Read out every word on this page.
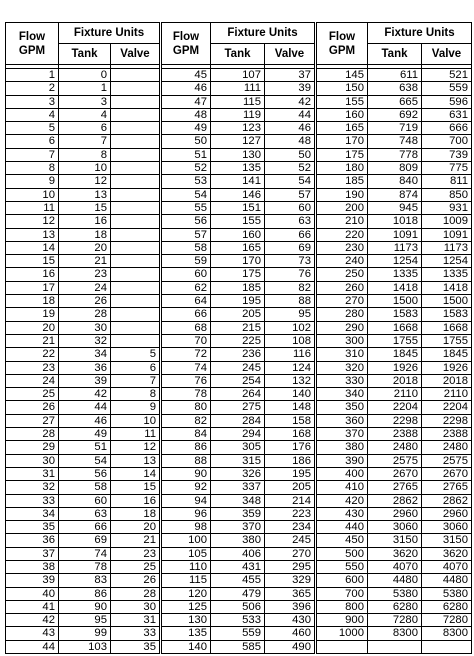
Flow GPM	Fixture Units	
	Tank	Valve

1	0	
2	1	
3	3	
4	4	
5	6	
6	7	
7	8	
8	10	
9	12	
10	13	
11	15	
12	16	
13	18	
14	20	
15	21	
16	23	
17	24	
18	26	
19	28	
20	30	
21	32	
22	34	5
23	36	6
24	39	7
25	42	8
26	44	9
27	46	10
28	49	11
29	51	12
30	54	13
31	56	14
32	58	15
33	60	16
34	63	18
35	66	20
36	69	21
37	74	23
38	78	25
39	83	26
40	86	28
41	90	30
42	95	31
43	99	33
44	103	35
Flow GPM	Fixture Units	
	Tank	Valve

45	107	37
46	111	39
47	115	42
48	119	44
49	123	46
50	127	48
51	130	50
52	135	52
53	141	54
54	146	57
55	151	60
56	155	63
57	160	66
58	165	69
59	170	73
60	175	76
62	185	82
64	195	88
66	205	95
68	215	102
70	225	108
72	236	116
74	245	124
76	254	132
78	264	140
80	275	148
82	284	158
84	294	168
86	305	176
88	315	186
90	326	195
92	337	205
94	348	214
96	359	223
98	370	234
100	380	245
105	406	270
110	431	295
115	455	329
120	479	365
125	506	396
130	533	430
135	559	460
140	585	490
Flow GPM	Fixture Units	
	Tank	Valve

145	611	521
150	638	559
155	665	596
160	692	631
165	719	666
170	748	700
175	778	739
180	809	775
185	840	811
190	874	850
200	945	931
210	1018	1009
220	1091	1091
230	1173	1173
240	1254	1254
250	1335	1335
260	1418	1418
270	1500	1500
280	1583	1583
290	1668	1668
300	1755	1755
310	1845	1845
320	1926	1926
330	2018	2018
340	2110	2110
350	2204	2204
360	2298	2298
370	2388	2388
380	2480	2480
390	2575	2575
400	2670	2670
410	2765	2765
420	2862	2862
430	2960	2960
440	3060	3060
450	3150	3150
500	3620	3620
550	4070	4070
600	4480	4480
700	5380	5380
800	6280	6280
900	7280	7280
1000	8300	8300
